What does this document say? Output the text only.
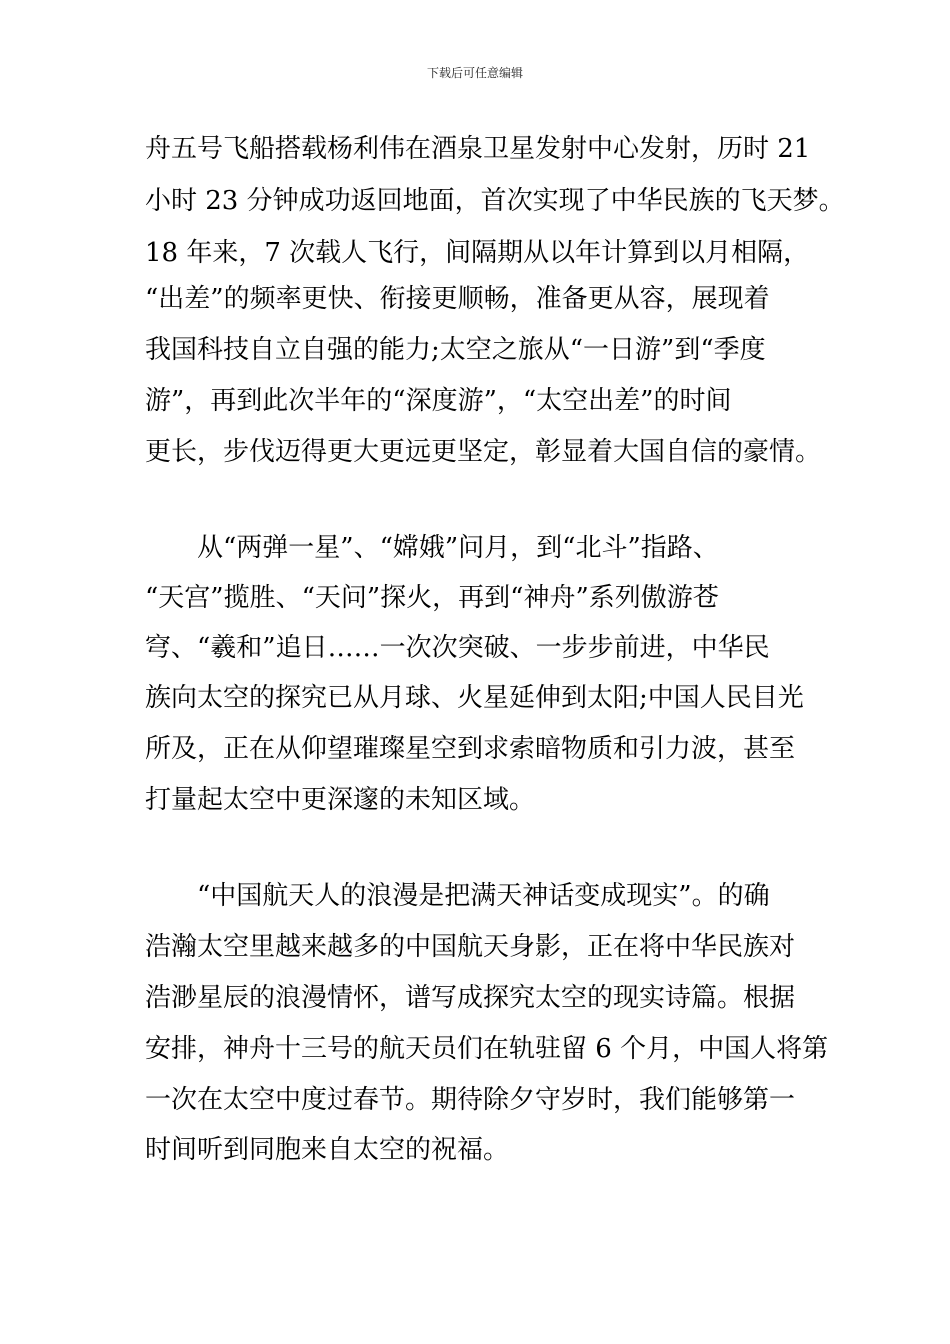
下载后可任意编辑
舟五号飞船搭载杨利伟在酒泉卫星发射中心发射，历时 21
小时 23 分钟成功返回地面，首次实现了中华民族的飞天梦。
18 年来，7 次载人飞行，间隔期从以年计算到以月相隔，
“出差”的频率更快、衔接更顺畅，准备更从容，展现着
我国科技自立自强的能力;太空之旅从“一日游”到“季度
游”，再到此次半年的“深度游”，“太空出差”的时间
更长，步伐迈得更大更远更坚定，彰显着大国自信的豪情。
　　从“两弹一星”、“嫦娥”问月，到“北斗”指路、
“天宫”揽胜、“天问”探火，再到“神舟”系列傲游苍
穹、“羲和”追日……一次次突破、一步步前进，中华民
族向太空的探究已从月球、火星延伸到太阳;中国人民目光
所及，正在从仰望璀璨星空到求索暗物质和引力波，甚至
打量起太空中更深邃的未知区域。
　　“中国航天人的浪漫是把满天神话变成现实”。的确
浩瀚太空里越来越多的中国航天身影，正在将中华民族对
浩渺星辰的浪漫情怀，谱写成探究太空的现实诗篇。根据
安排，神舟十三号的航天员们在轨驻留 6 个月，中国人将第
一次在太空中度过春节。期待除夕守岁时，我们能够第一
时间听到同胞来自太空的祝福。
